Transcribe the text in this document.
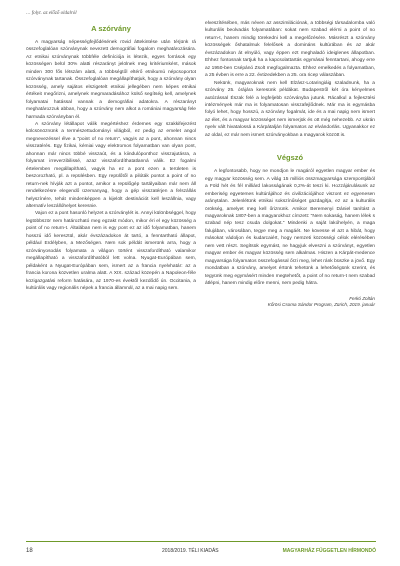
… folyt. az előző oldalról
A szórvány

A magyarság népességfejlődésének rövid áttekintése után térjünk rá összefoglalóan szórványnak nevezett demográfiai fogalom meghatározására. Az etnikai szórványnak többféle definíciója is létezik, egyes források egy közösségen belül 30% alatti részarányt jelölnek meg kritériumként, mások minden 300 fős létszám alatti, a többségtől eltérő etnikumú népcsoportot szórványnak tartanak. Összefoglalóan megállapíthatjuk, hogy a szórvány olyan közösség, amely sajátos elszigetelt etnikai jellegében nem képes etnikai értékeit megőrizni, amelynek megmaradásához külső segítség kell, amelynek folyamatai hatással vannak a demográfiai adatokra. A részarányt meghatározzuk abban, hogy a szórvány nem alkot a romániai magyarság fele harmada szórványban él.

A szórvány létállapot válik megértéshez érdemes egy szakkifejezést kölcsönöznünk a természettudományi világból, ez pedig az emelet angol megnevezéssel élve a "point of no return", vagyis az a pont, ahonnan nincs visszatérés. Egy fizikai, kémiai vagy elektromos folyamatban van olyan pont, ahonnan már nincs többé visszaút, és a kiindulóponthoz visszajutásra, a folyamat irreverzibilissé, azaz visszafordíthatatlanná válik. Ez fogalmi értelemben megállapítható, vagyis ha ez a pont ezen a területen is beszorozható, pl. a repülésben. Egy repülőtől a pilóták pontot a point of no return-nek hívják azt a pontot, amikor a repülőgép tartályaiban már nem áll rendelkezésre elegendő üzemanyag, hogy a gép visszatérjen a felszállás helyszínére, tehát mindenképpen a kijelölt destinációt kell leszállnia, vagy alternatív leszállóhelyet keresnie.

Vajon ez a pont hasonló helyzet a szórványlét is. Annyi különbséggel, hogy legtöbbször nem határozható meg egzakt módon, mikor éri el egy közösség a point of no return-t. Általában nem is egy pont ez az idő folyamatban, hanem hosszú idő keresztül, akár évszázadokon át tartó, a fenntartható állapot, például Erdélyben, a Mezőségen. Nem sok példát ismerünk arra, hogy a szórványosodás folyamata a világon történt visszafordítható valamikor megállapítható a visszafordíthatóból lett volna. Nyugat-Európában sem, példaként a Nyugat-Európában sem, ismert az a francia nyelvhatár: az a francia korona közvetlen uralma alatt. A XIX. század közepén a Napoleon-féle közigazgatási reform hatására, az 1970-es évektől kezdődő ún. Occitania, a kultúrális vagy regionális népek a francia államnál, az a mai napig sem.

elveszítésében, más néven az asszimilációnak, a többségi társadalomba való kulturális beolvadás folyamatában: sokat nem szabad elérni a point of no return-t, hanem mindig törekedni kell a megelőzésére. Másrészt a szórvány közösségek őshatalmuk felelősek a domináns kultúrában és az akár évszázadokon át elnyúló, vagy éppen ezt meghaladó ideiglenes állapotban. Ehhez fontosnak tartjuk ha a kapcsolattartás egymásai fenntartani, ahogy erre az 1950-ben Csépánó Zsolt megfogalmazta. Ehhez emelkedés a folyamatban, a 25 évben is erre a 22. évtizedekben a 25. ora ricep válaszában.

Nekünk, magyaroknak nem kell Elzász-Lotaringiáig szaladnunk, ha a szórvány 25. órájára keresünk példákat. Budapestről két óra kényelmes autózással Észak felé a legfeljebb szórványba jutunk. Rácalkul a fejlesztési intézmények már ma is folyamatosan visszafejlődnek. Már ma is egymásba folyó lehet, hogy hosszú, a szórvány fogalmát, ide és a mai napig nem ismert az élet, és a magyar közösséget nem ismerjük és ott még nehezebb. Az ukrán nyelv vált hivatalossá a Kárpátalján folyamatos az elvándorlás. Ugyanakkor ez az oldal, ez már nem ismert szórványokban a magyarok között is.

Végszó

A legfontosabb, hogy ne mondjon le magáról egyetlen magyar ember és egy magyar közösség sem. A világ 15 milliós összmagyarsága szempontjából a Föld hét és fél milliárd lakosságának 0,2%-át teszi ki. Hozzájárulásunk az emberiség egyetemes kultúrájához és civilizációjához viszont ez egyenesen aránytalan. Jelenlétünk etnikai sokszínűséget gazdagítja, ez az a kulturális örökség, amelyet meg kell őriznünk. Amikor Beremenyi Dániel tanítást a magyaroknak 1807-ben a magyarokhoz címzett: "Nem sokaság, hanem lélek s szabad nép tesz csuda dolgokat." Mindenki a saját lakóhelyén, a maga falujában, városában, tegye meg a magáét. Ne kövesse el azt a hibát, hogy másokat vádoljon és kudarcaiért, hogy nemzeti közösségi célok elérésében nem vett részt. Segítsük egymást, ne hagyjuk elveszni a szórványt, egyetlen magyar ember és magyar közösség sem alkalmas. Hiszen a Kárpát-medence magyarsága folyamatos összefogással őrzi meg, lehet ránk büszke a jövő. Egy mondatban a szórvány, amelyet értünk tehetünk a lehetőségünk szerint, és tegyünk meg egymásért minden megtehetőt, a point of no return-t nem szabad átlépni, hanem mindig előre menni, nem pedig hátra.

Ferkó Zoltán
Kőrösi Csoma Sándor Program, Zürich, 2019. január
18	2018/2019. TÉLI KIADÁS	MAGYARHÁZ FÜGGETLEN HÍRMONDÓ
